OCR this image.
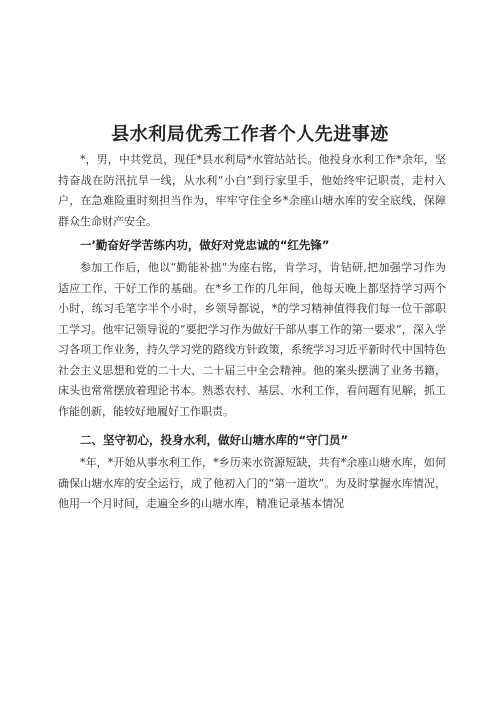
县水利局优秀工作者个人先进事迹

*，男，中共党员，现任*县水利局*水管站站长。他投身水利工作*余年，坚持奋战在防汛抗旱一线，从水利“小白”到行家里手，他始终牢记职责，走村入户，在急难险重时刻担当作为，牢牢守住全乡*余座山塘水库的安全底线，保障群众生命财产安全。

一’勤奋好学苦练内功，做好对党忠诚的“红先锋”

参加工作后，他以“勤能补拙”为座右铭，肯学习，肯钻研,把加强学习作为适应工作、干好工作的基础。在*乡工作的几年间，他每天晚上都坚持学习两个小时，练习毛笔字半个小时，乡领导都说，*的学习精神值得我们每一位干部职工学习。他牢记领导说的“要把学习作为做好干部从事工作的第一要求”，深入学习各项工作业务，持久学习党的路线方针政策，系统学习习近平新时代中国特色社会主义思想和党的二十大、二十届三中全会精神。他的案头摆满了业务书籍，床头也常常摆放着理论书本。熟悉农村、基层、水利工作，看问题有见解，抓工作能创新，能较好地履好工作职责。

二、坚守初心，投身水利，做好山塘水库的“守门员”

*年，*开始从事水利工作，*乡历来水资源短缺，共有*余座山塘水库，如何确保山塘水库的安全运行，成了他初入门的“第一道坎”。为及时掌握水库情况，他用一个月时间，走遍全乡的山塘水库，精准记录基本情况
